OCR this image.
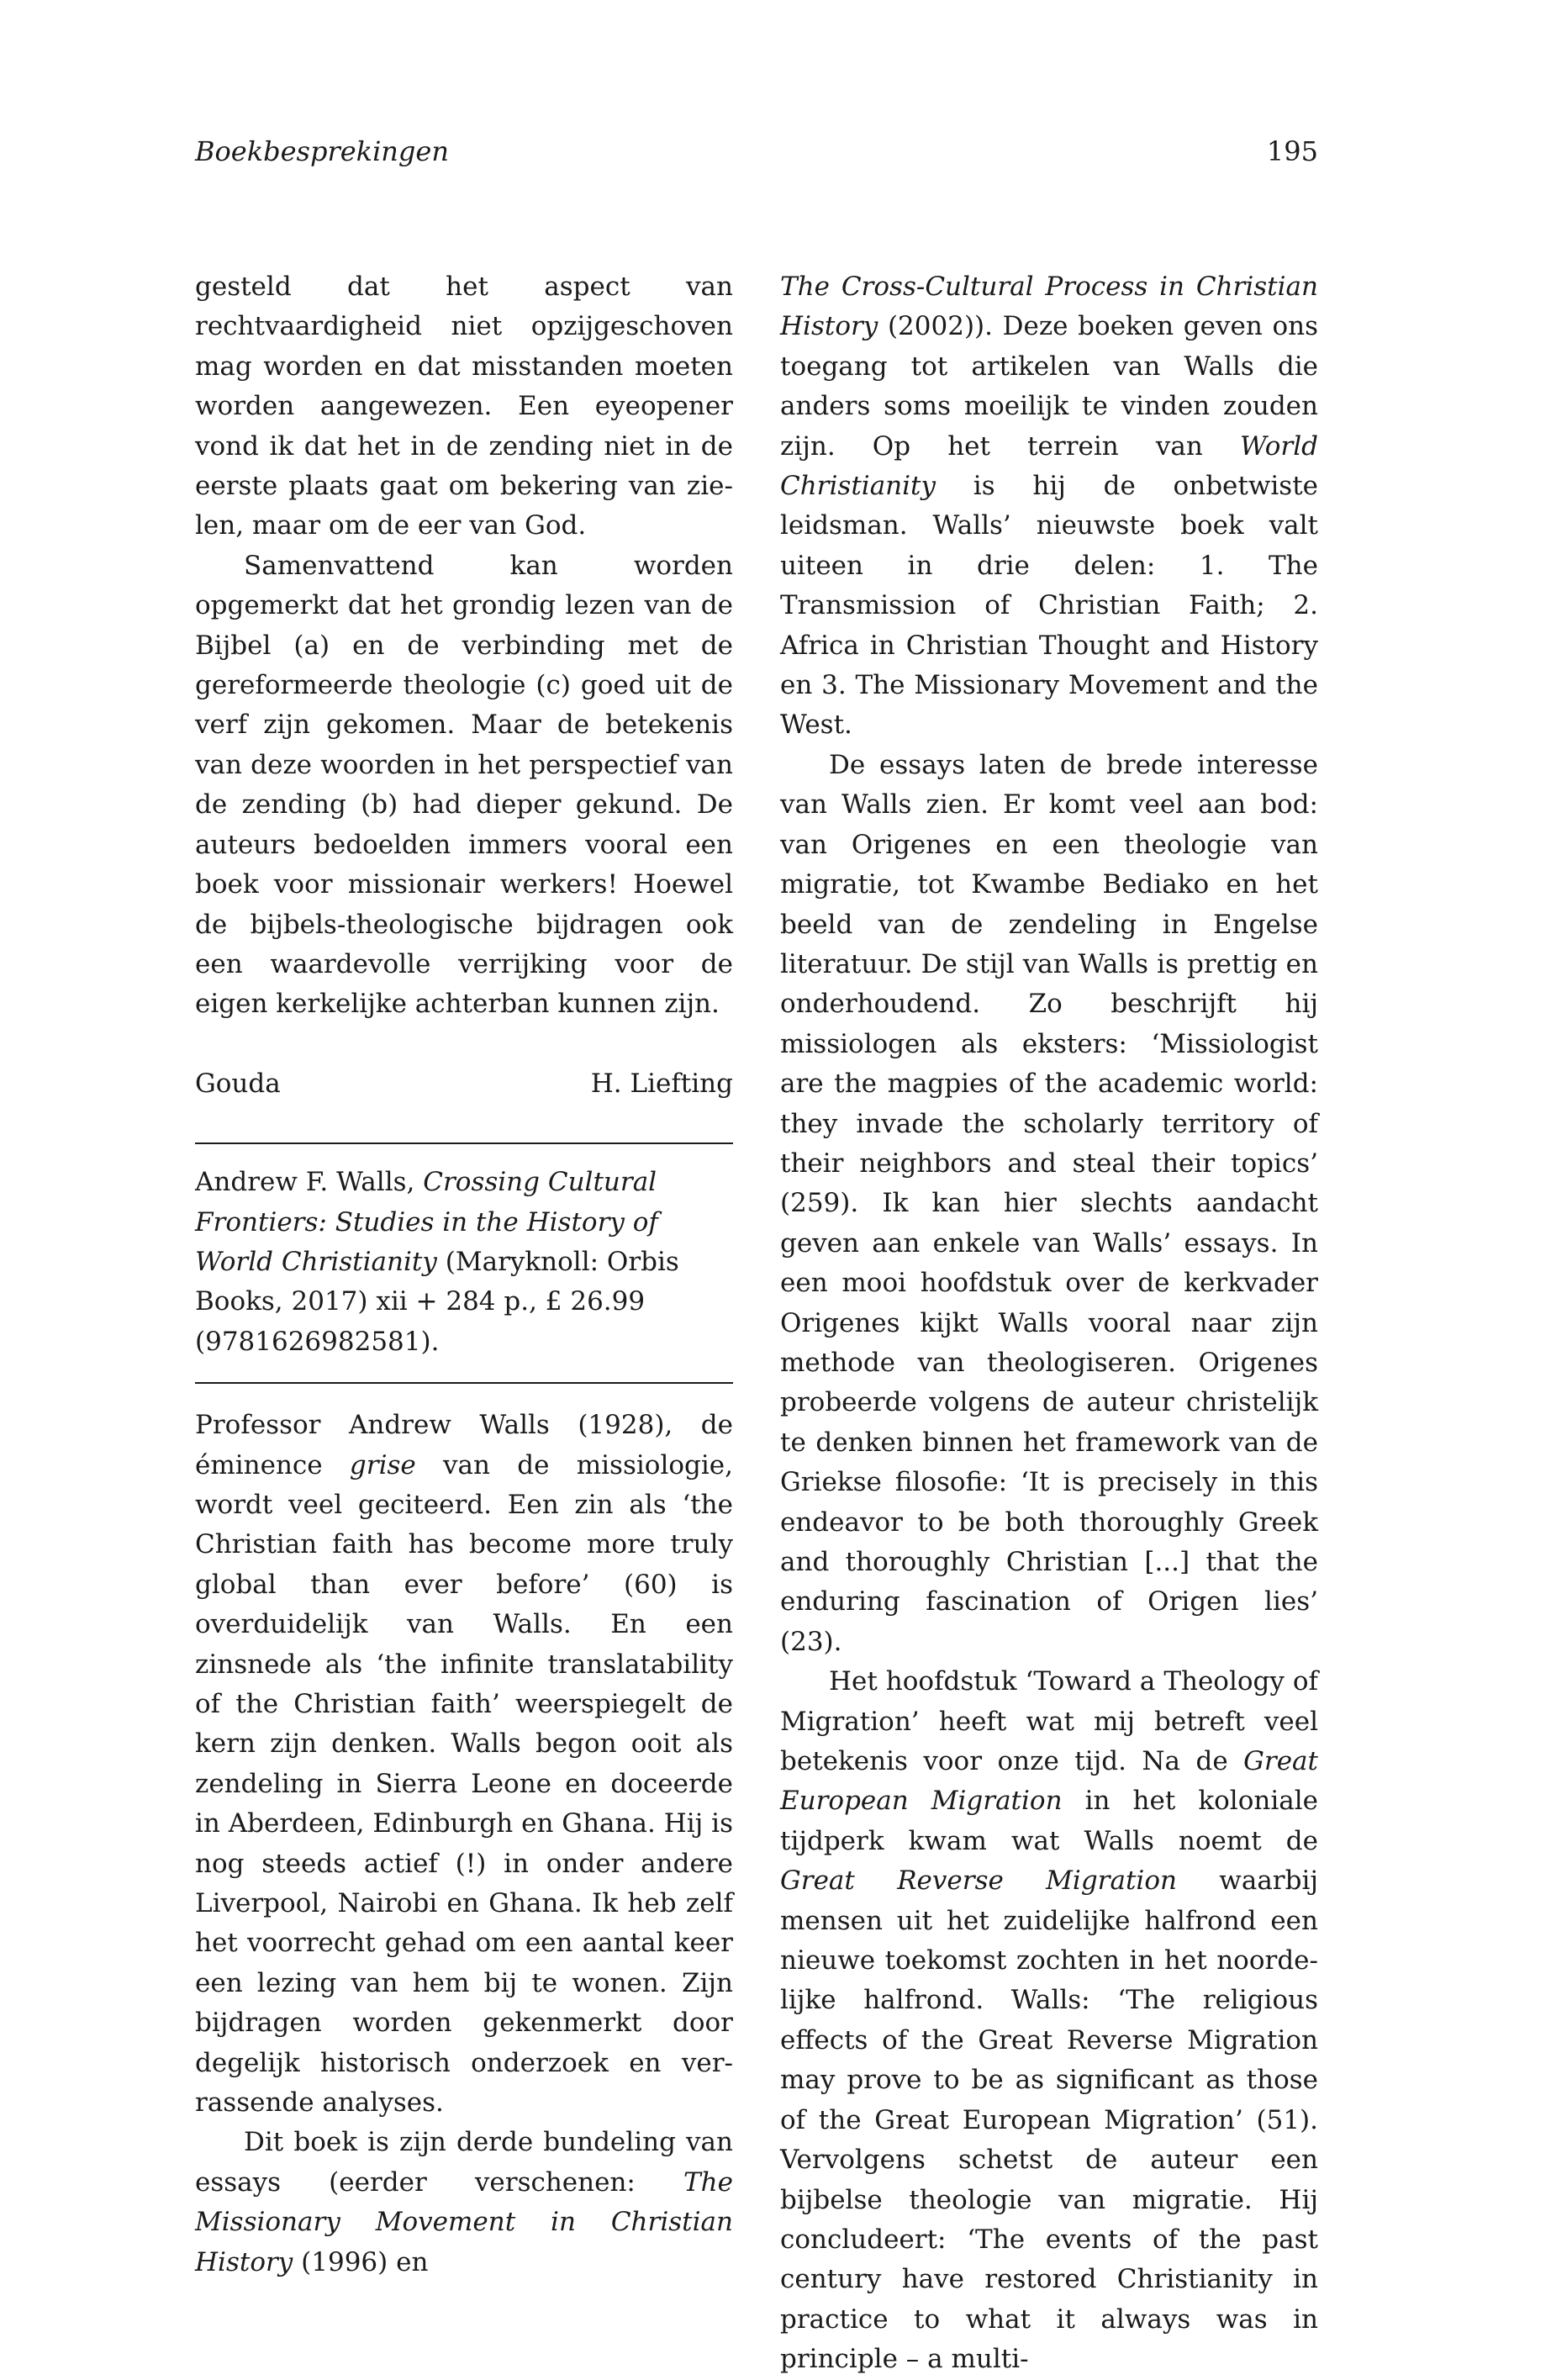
Boekbesprekingen	195

gesteld dat het aspect van rechtvaardigheid niet opzijgeschoven mag worden en dat misstanden moeten worden aangewezen. Een eyeopener vond ik dat het in de zending niet in de eerste plaats gaat om bekering van zielen, maar om de eer van God.

Samenvattend kan worden opgemerkt dat het grondig lezen van de Bijbel (a) en de verbinding met de gereformeerde theologie (c) goed uit de verf zijn gekomen. Maar de betekenis van deze woorden in het perspectief van de zending (b) had dieper gekund. De auteurs bedoelden immers vooral een boek voor missionair werkers! Hoewel de bijbels-theologische bijdragen ook een waardevolle verrijking voor de eigen kerkelijke achterban kunnen zijn.

Gouda	H. Liefting
Andrew F. Walls, Crossing Cultural Frontiers: Studies in the History of World Christianity (Maryknoll: Orbis Books, 2017) xii + 284 p., £ 26.99 (9781626982581).

Professor Andrew Walls (1928), de éminence grise van de missiologie, wordt veel geciteerd. Een zin als ‘the Christian faith has become more truly global than ever before’ (60) is overduidelijk van Walls. En een zinsnede als ‘the infinite translatability of the Christian faith’ weerspiegelt de kern zijn denken. Walls begon ooit als zendeling in Sierra Leone en doceerde in Aberdeen, Edinburgh en Ghana. Hij is nog steeds actief (!) in onder andere Liverpool, Nairobi en Ghana. Ik heb zelf het voorrecht gehad om een aantal keer een lezing van hem bij te wonen. Zijn bijdragen worden gekenmerkt door degelijk historisch onderzoek en verrassende analyses.

Dit boek is zijn derde bundeling van essays (eerder verschenen: The Missionary Movement in Christian History (1996) en

The Cross-Cultural Process in Christian History (2002)). Deze boeken geven ons toegang tot artikelen van Walls die anders soms moeilijk te vinden zouden zijn. Op het terrein van World Christianity is hij de onbetwiste leidsman. Walls’ nieuwste boek valt uiteen in drie delen: 1. The Transmission of Christian Faith; 2. Africa in Christian Thought and History en 3. The Missionary Movement and the West.

De essays laten de brede interesse van Walls zien. Er komt veel aan bod: van Origenes en een theologie van migratie, tot Kwambe Bediako en het beeld van de zendeling in Engelse literatuur. De stijl van Walls is prettig en onderhoudend. Zo beschrijft hij missiologen als eksters: ‘Missiologist are the magpies of the academic world: they invade the scholarly territory of their neighbors and steal their topics’ (259). Ik kan hier slechts aandacht geven aan enkele van Walls’ essays. In een mooi hoofdstuk over de kerkvader Origenes kijkt Walls vooral naar zijn methode van theologiseren. Origenes probeerde volgens de auteur christelijk te denken binnen het framework van de Griekse filosofie: ‘It is precisely in this endeavor to be both thoroughly Greek and thoroughly Christian [...] that the enduring fascination of Origen lies’ (23).

Het hoofdstuk ‘Toward a Theology of Migration’ heeft wat mij betreft veel betekenis voor onze tijd. Na de Great European Migration in het koloniale tijdperk kwam wat Walls noemt de Great Reverse Migration waarbij mensen uit het zuidelijke halfrond een nieuwe toekomst zochten in het noordelijke halfrond. Walls: ‘The religious effects of the Great Reverse Migration may prove to be as significant as those of the Great European Migration’ (51). Vervolgens schetst de auteur een bijbelse theologie van migratie. Hij concludeert: ‘The events of the past century have restored Christianity in practice to what it always was in principle – a multi-
